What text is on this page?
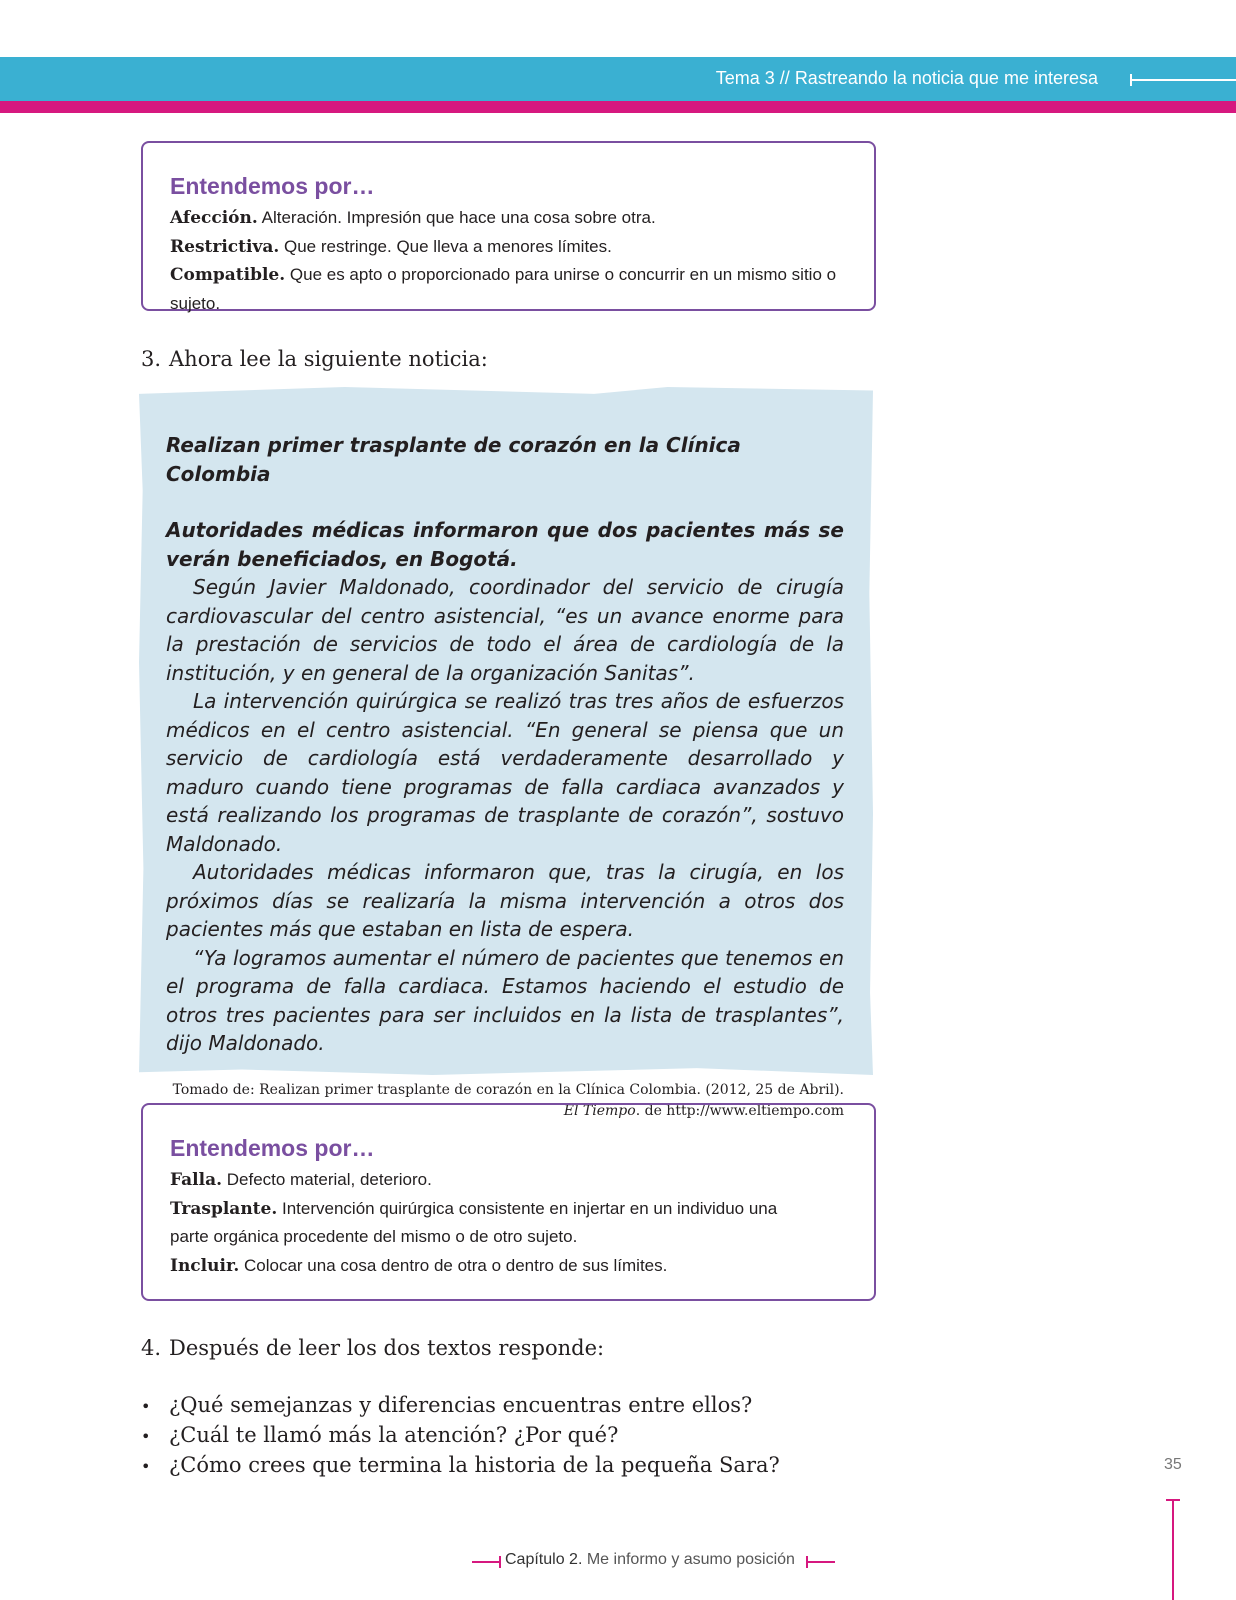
Tema 3 // Rastreando la noticia que me interesa
Entendemos por…
Afección. Alteración. Impresión que hace una cosa sobre otra.
Restrictiva. Que restringe. Que lleva a menores límites.
Compatible. Que es apto o proporcionado para unirse o concurrir en un mismo sitio o sujeto.
3. Ahora lee la siguiente noticia:
Realizan primer trasplante de corazón en la Clínica Colombia
Autoridades médicas informaron que dos pacientes más se verán beneficiados, en Bogotá.

Según Javier Maldonado, coordinador del servicio de cirugía cardiovascular del centro asistencial, “es un avance enorme para la prestación de servicios de todo el área de cardiología de la institución, y en general de la organización Sanitas”.

La intervención quirúrgica se realizó tras tres años de esfuerzos médicos en el centro asistencial. “En general se piensa que un servicio de cardiología está verdaderamente desarrollado y maduro cuando tiene programas de falla cardiaca avanzados y está realizando los programas de trasplante de corazón”, sostuvo Maldonado.

Autoridades médicas informaron que, tras la cirugía, en los próximos días se realizaría la misma intervención a otros dos pacientes más que estaban en lista de espera.

“Ya logramos aumentar el número de pacientes que tenemos en el programa de falla cardiaca. Estamos haciendo el estudio de otros tres pacientes para ser incluidos en la lista de trasplantes”, dijo Maldonado.

Tomado de: Realizan primer trasplante de corazón en la Clínica Colombia. (2012, 25 de Abril).
El Tiempo. de http://www.eltiempo.com
Entendemos por…
Falla. Defecto material, deterioro.
Trasplante. Intervención quirúrgica consistente en injertar en un individuo una parte orgánica procedente del mismo o de otro sujeto.
Incluir. Colocar una cosa dentro de otra o dentro de sus límites.
4. Después de leer los dos textos responde:
• ¿Qué semejanzas y diferencias encuentras entre ellos?
• ¿Cuál te llamó más la atención? ¿Por qué?
• ¿Cómo crees que termina la historia de la pequeña Sara?	35
Capítulo 2. Me informo y asumo posición
